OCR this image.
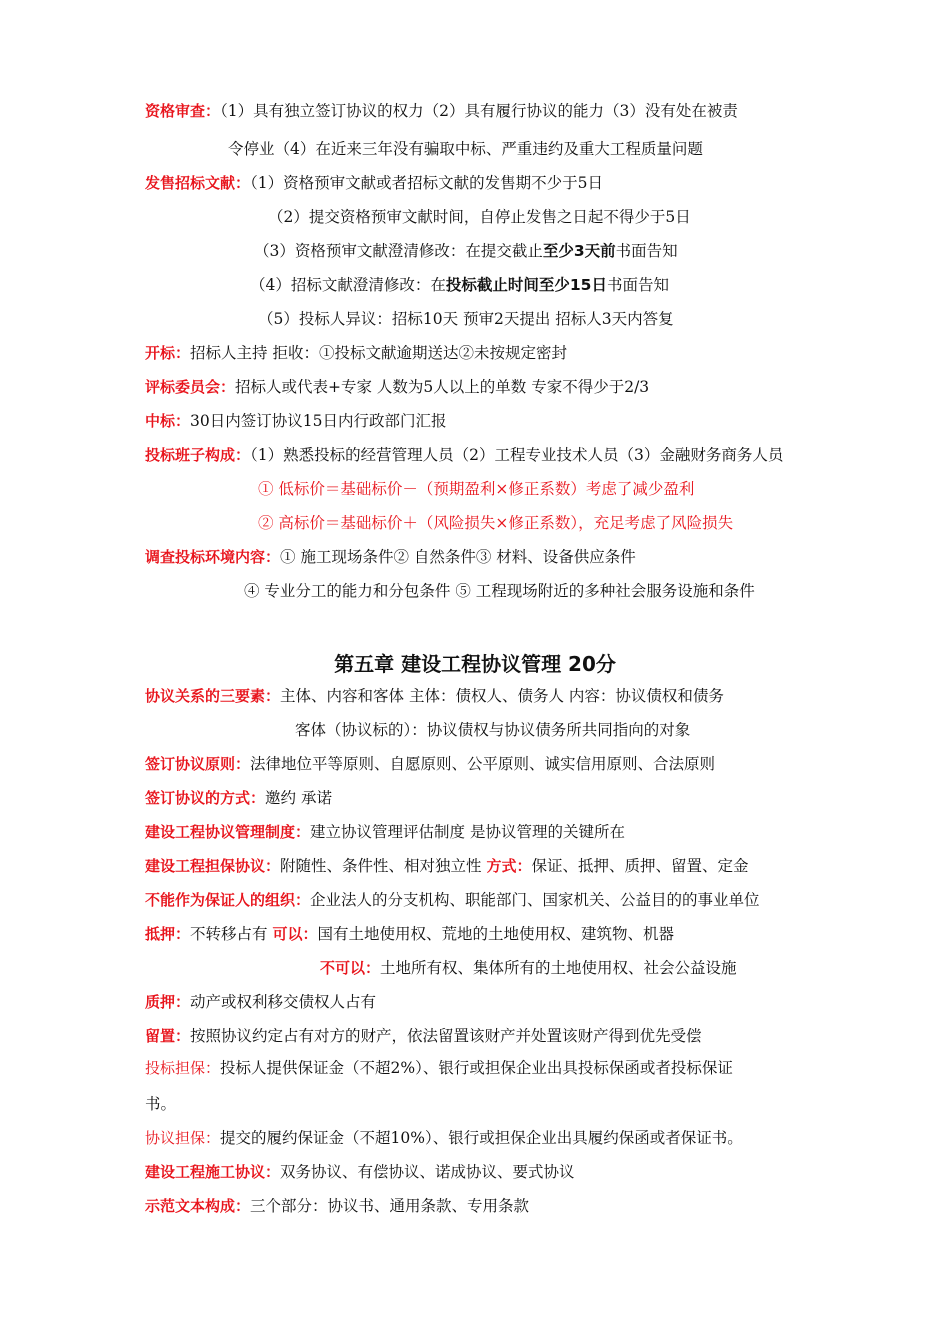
资格审查：（1）具有独立签订协议的权力（2）具有履行协议的能力（3）没有处在被责
令停业（4）在近来三年没有骗取中标、严重违约及重大工程质量问题
发售招标文献：（1）资格预审文献或者招标文献的发售期不少于5日
（2）提交资格预审文献时间，自停止发售之日起不得少于5日
（3）资格预审文献澄清修改：在提交截止至少3天前书面告知
（4）招标文献澄清修改：在投标截止时间至少15日书面告知
（5）投标人异议：招标10天 预审2天提出 招标人3天内答复
开标：招标人主持 拒收：①投标文献逾期送达②未按规定密封
评标委员会：招标人或代表+专家 人数为5人以上的单数 专家不得少于2/3
中标：30日内签订协议15日内行政部门汇报
投标班子构成：（1）熟悉投标的经营管理人员（2）工程专业技术人员（3）金融财务商务人员
① 低标价＝基础标价－（预期盈利×修正系数）考虑了减少盈利
② 高标价＝基础标价＋（风险损失×修正系数），充足考虑了风险损失
调查投标环境内容：① 施工现场条件② 自然条件③ 材料、设备供应条件
④ 专业分工的能力和分包条件 ⑤ 工程现场附近的多种社会服务设施和条件
第五章 建设工程协议管理 20分
协议关系的三要素：主体、内容和客体 主体：债权人、债务人 内容：协议债权和债务
客体（协议标的）：协议债权与协议债务所共同指向的对象
签订协议原则：法律地位平等原则、自愿原则、公平原则、诚实信用原则、合法原则
签订协议的方式：邀约 承诺
建设工程协议管理制度：建立协议管理评估制度 是协议管理的关键所在
建设工程担保协议：附随性、条件性、相对独立性 方式：保证、抵押、质押、留置、定金
不能作为保证人的组织：企业法人的分支机构、职能部门、国家机关、公益目的的事业单位
抵押：不转移占有 可以：国有土地使用权、荒地的土地使用权、建筑物、机器
不可以：土地所有权、集体所有的土地使用权、社会公益设施
质押：动产或权利移交债权人占有
留置：按照协议约定占有对方的财产，依法留置该财产并处置该财产得到优先受偿
投标担保：投标人提供保证金（不超2%）、银行或担保企业出具投标保函或者投标保证
书。
协议担保：提交的履约保证金（不超10%）、银行或担保企业出具履约保函或者保证书。
建设工程施工协议：双务协议、有偿协议、诺成协议、要式协议
示范文本构成：三个部分：协议书、通用条款、专用条款
